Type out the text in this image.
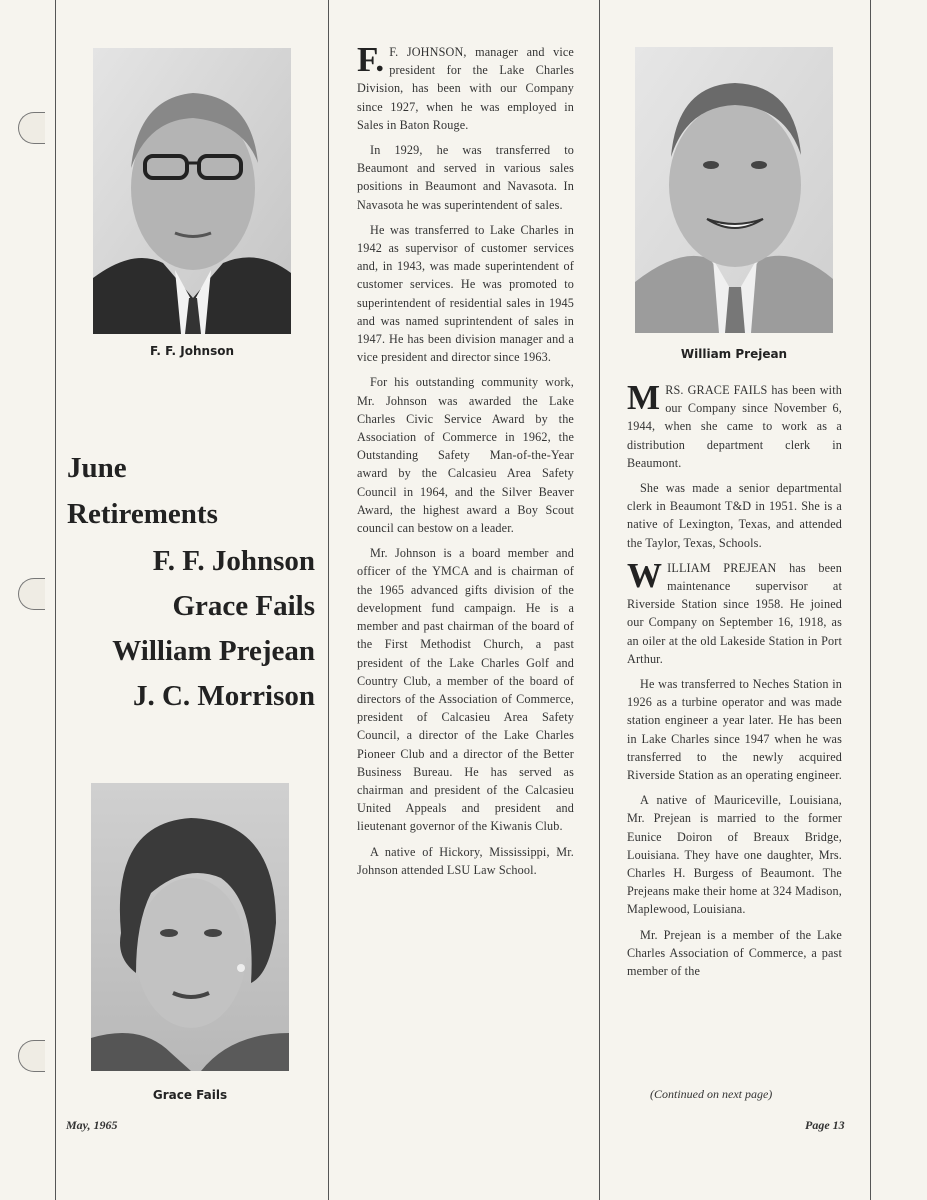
F. F. Johnson
June
Retirements
F. F. Johnson
Grace Fails
William Prejean
J. C. Morrison
Grace Fails

F. F. JOHNSON, manager and vice president for the Lake Charles Division, has been with our Company since 1927, when he was employed in Sales in Baton Rouge.

In 1929, he was transferred to Beaumont and served in various sales positions in Beaumont and Navasota. In Navasota he was superintendent of sales.

He was transferred to Lake Charles in 1942 as supervisor of customer services and, in 1943, was made superintendent of customer services. He was promoted to superintendent of residential sales in 1945 and was named suprintendent of sales in 1947. He has been division manager and a vice president and director since 1963.

For his outstanding community work, Mr. Johnson was awarded the Lake Charles Civic Service Award by the Association of Commerce in 1962, the Outstanding Safety Man-of-the-Year award by the Calcasieu Area Safety Council in 1964, and the Silver Beaver Award, the highest award a Boy Scout council can bestow on a leader.

Mr. Johnson is a board member and officer of the YMCA and is chairman of the 1965 advanced gifts division of the development fund campaign. He is a member and past chairman of the board of the First Methodist Church, a past president of the Lake Charles Golf and Country Club, a member of the board of directors of the Association of Commerce, president of Calcasieu Area Safety Council, a director of the Lake Charles Pioneer Club and a director of the Better Business Bureau. He has served as chairman and president of the Calcasieu United Appeals and president and lieutenant governor of the Kiwanis Club.

A native of Hickory, Mississippi, Mr. Johnson attended LSU Law School.

William Prejean

MRS. GRACE FAILS has been with our Company since November 6, 1944, when she came to work as a distribution department clerk in Beaumont.

She was made a senior departmental clerk in Beaumont T&D in 1951. She is a native of Lexington, Texas, and attended the Taylor, Texas, Schools.

WILLIAM PREJEAN has been maintenance supervisor at Riverside Station since 1958. He joined our Company on September 16, 1918, as an oiler at the old Lakeside Station in Port Arthur.

He was transferred to Neches Station in 1926 as a turbine operator and was made station engineer a year later. He has been in Lake Charles since 1947 when he was transferred to the newly acquired Riverside Station as an operating engineer.

A native of Mauriceville, Louisiana, Mr. Prejean is married to the former Eunice Doiron of Breaux Bridge, Louisiana. They have one daughter, Mrs. Charles H. Burgess of Beaumont. The Prejeans make their home at 324 Madison, Maplewood, Louisiana.

Mr. Prejean is a member of the Lake Charles Association of Commerce, a past member of the

(Continued on next page)
May, 1965	Page 13
